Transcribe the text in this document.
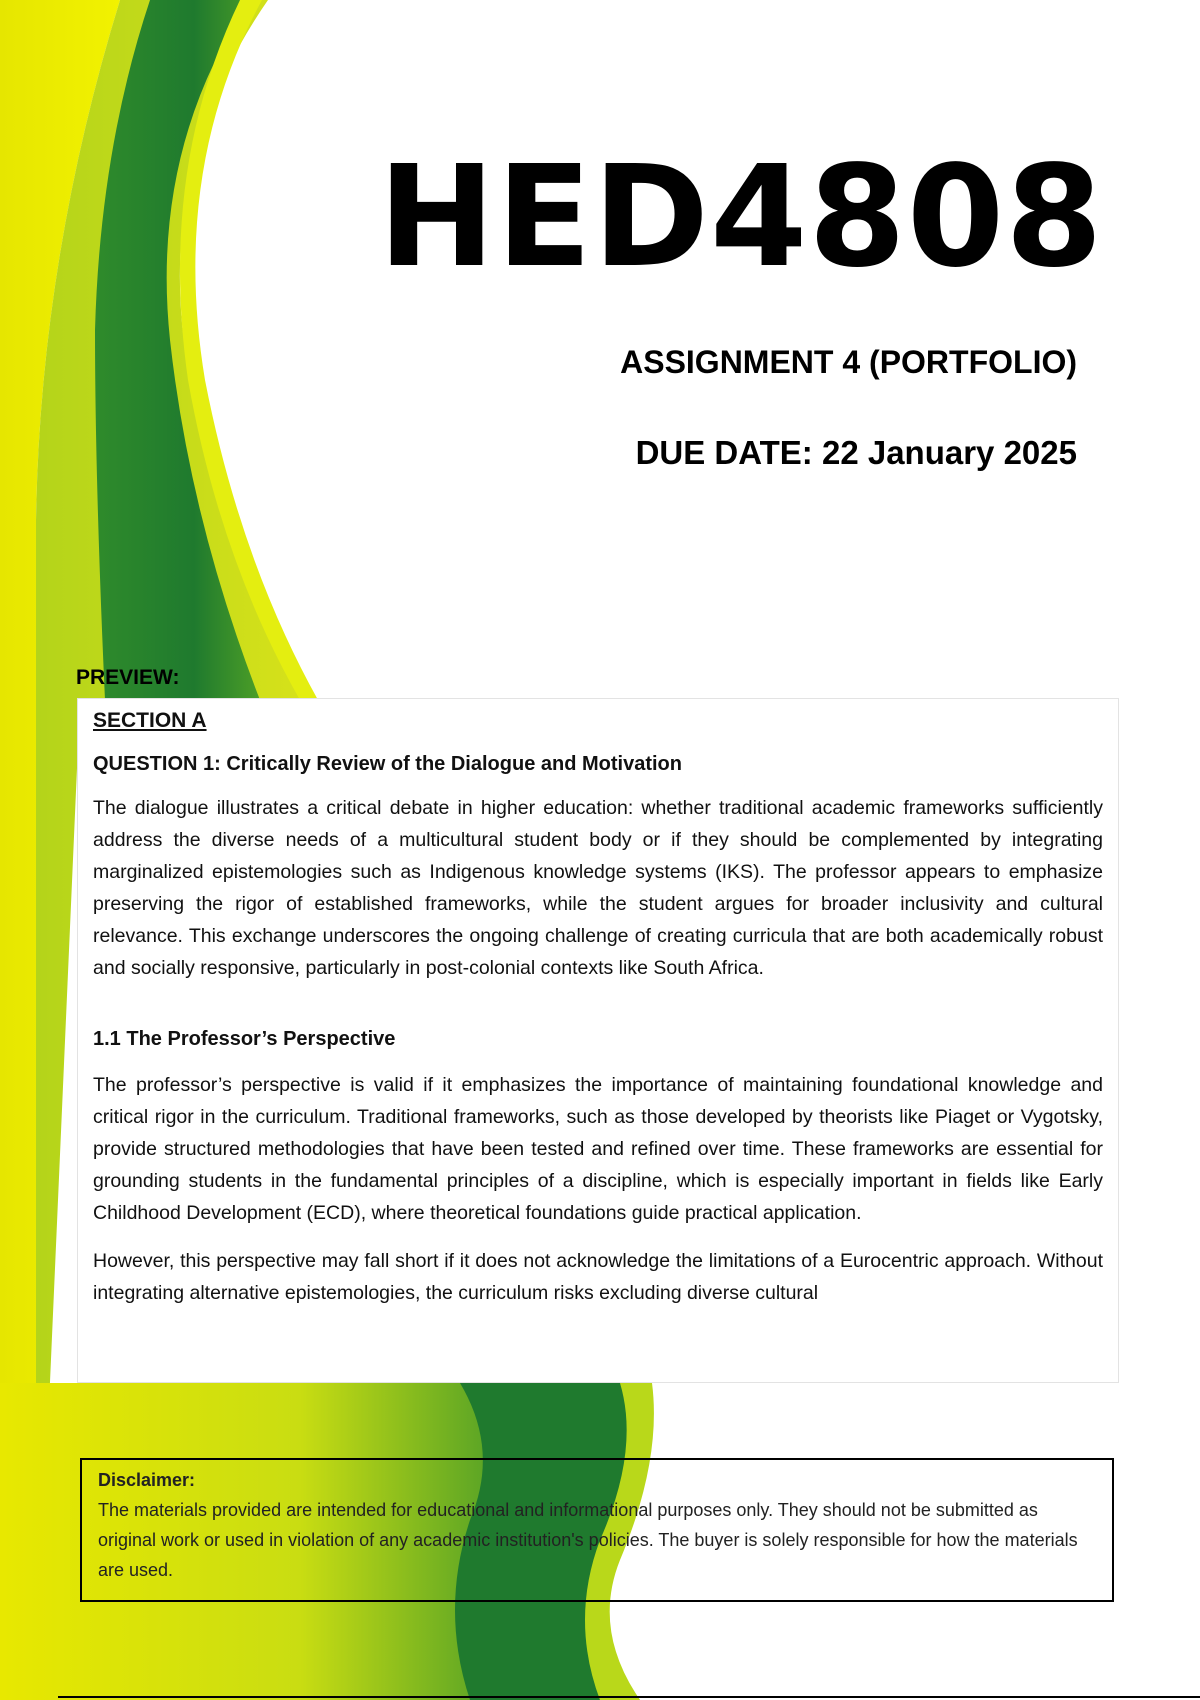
HED4808
ASSIGNMENT 4 (PORTFOLIO)
DUE DATE: 22 January 2025
PREVIEW:
SECTION A
QUESTION 1: Critically Review of the Dialogue and Motivation

The dialogue illustrates a critical debate in higher education: whether traditional academic frameworks sufficiently address the diverse needs of a multicultural student body or if they should be complemented by integrating marginalized epistemologies such as Indigenous knowledge systems (IKS). The professor appears to emphasize preserving the rigor of established frameworks, while the student argues for broader inclusivity and cultural relevance. This exchange underscores the ongoing challenge of creating curricula that are both academically robust and socially responsive, particularly in post-colonial contexts like South Africa.

1.1 The Professor’s Perspective

The professor’s perspective is valid if it emphasizes the importance of maintaining foundational knowledge and critical rigor in the curriculum. Traditional frameworks, such as those developed by theorists like Piaget or Vygotsky, provide structured methodologies that have been tested and refined over time. These frameworks are essential for grounding students in the fundamental principles of a discipline, which is especially important in fields like Early Childhood Development (ECD), where theoretical foundations guide practical application.

However, this perspective may fall short if it does not acknowledge the limitations of a Eurocentric approach. Without integrating alternative epistemologies, the curriculum risks excluding diverse cultural

Disclaimer:

The materials provided are intended for educational and informational purposes only. They should not be submitted as original work or used in violation of any academic institution's policies. The buyer is solely responsible for how the materials are used.
